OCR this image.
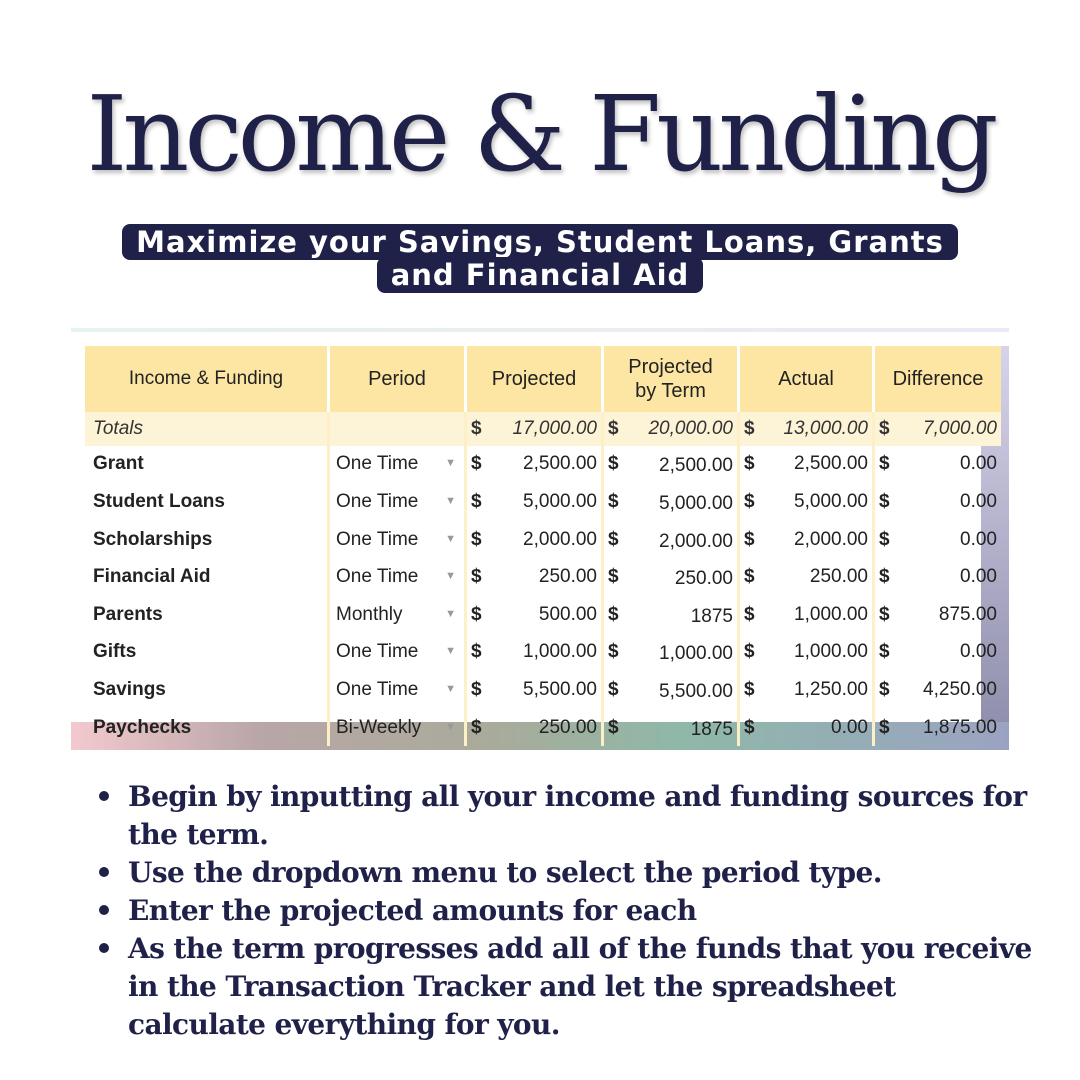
Income & Funding
Maximize your Savings, Student Loans, Grants and Financial Aid
Income & Funding	Period	Projected		Projected by Term		Actual		Difference	
Totals		$	17,000.00	$	20,000.00	$	13,000.00	$	7,000.00
Grant	One Time ▼	$	2,500.00	$	2,500.00	$	2,500.00	$	0.00
Student Loans	One Time ▼	$	5,000.00	$	5,000.00	$	5,000.00	$	0.00
Scholarships	One Time ▼	$	2,000.00	$	2,000.00	$	2,000.00	$	0.00
Financial Aid	One Time ▼	$	250.00	$	250.00	$	250.00	$	0.00
Parents	Monthly ▼	$	500.00	$	1875	$	1,000.00	$	875.00
Gifts	One Time ▼	$	1,000.00	$	1,000.00	$	1,000.00	$	0.00
Savings	One Time ▼	$	5,500.00	$	5,500.00	$	1,250.00	$	4,250.00
Paychecks	Bi-Weekly ▼	$	250.00	$	1875	$	0.00	$	1,875.00
Begin by inputting all your income and funding sources for the term.
Use the dropdown menu to select the period type.
Enter the projected amounts for each
As the term progresses add all of the funds that you receive in the Transaction Tracker and let the spreadsheet calculate everything for you.
